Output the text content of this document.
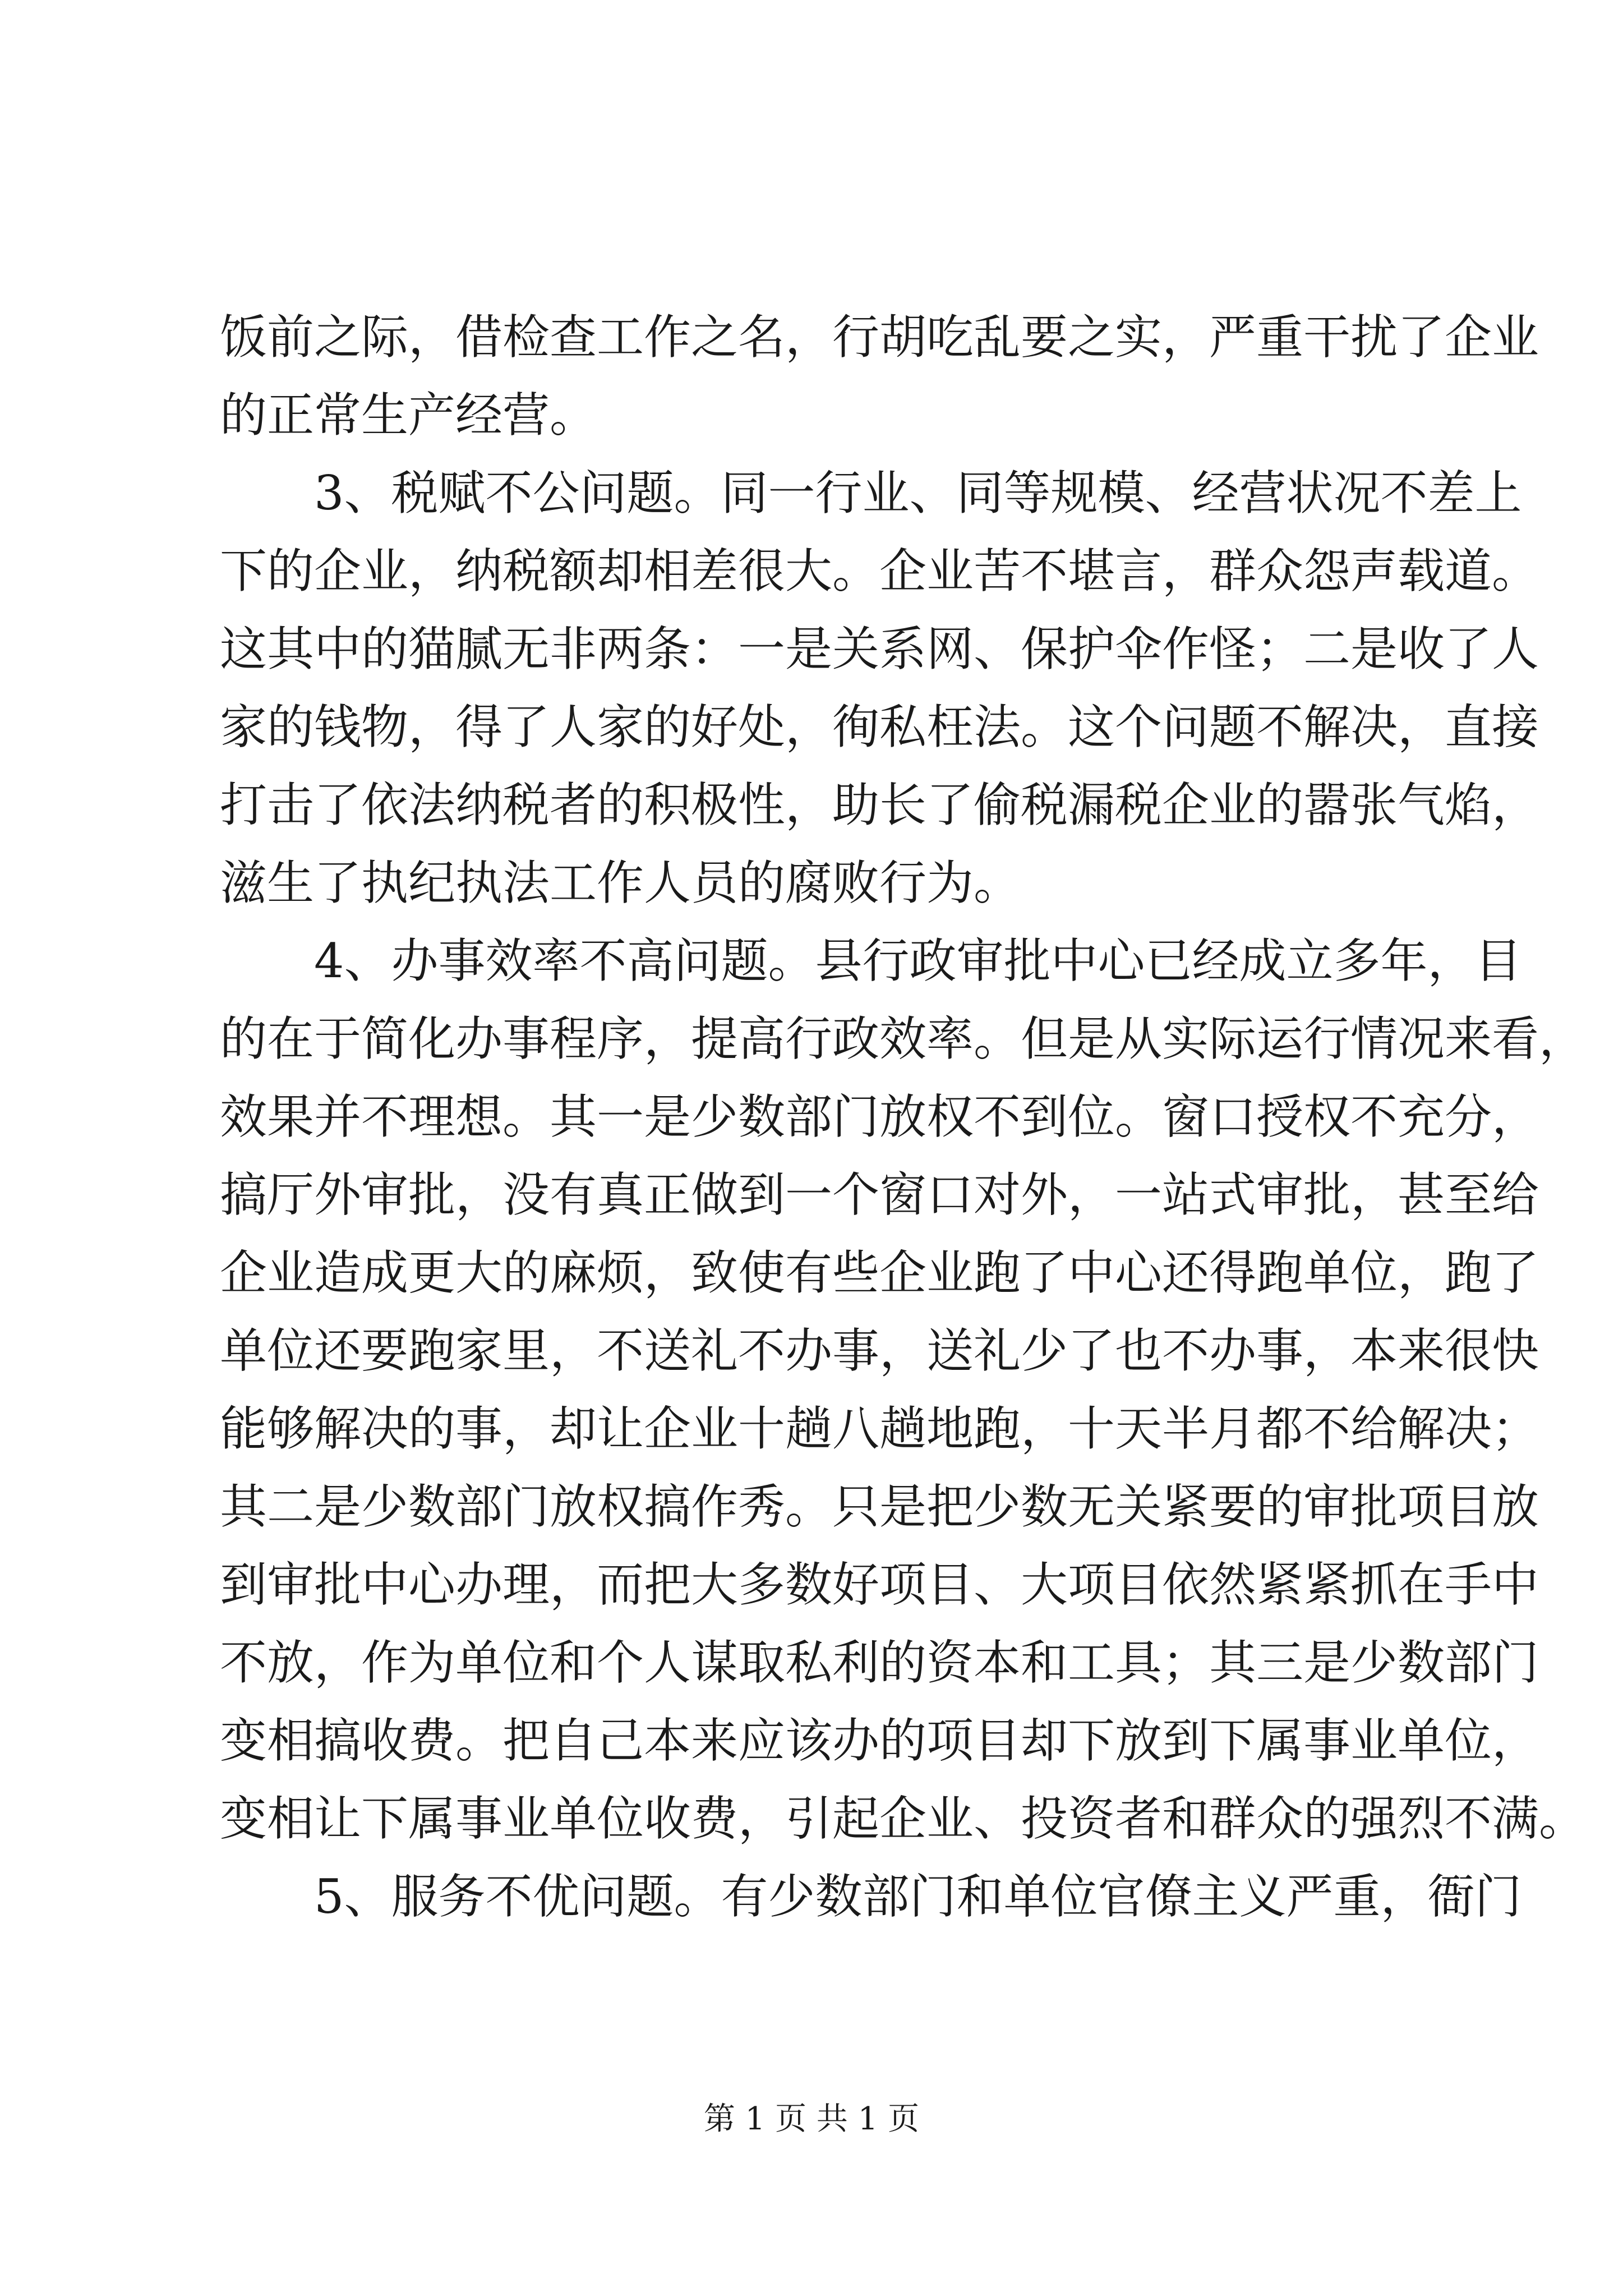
饭前之际，借检查工作之名，行胡吃乱要之实，严重干扰了企业
的正常生产经营。
3、税赋不公问题。同一行业、同等规模、经营状况不差上
下的企业，纳税额却相差很大。企业苦不堪言，群众怨声载道。
这其中的猫腻无非两条：一是关系网、保护伞作怪；二是收了人
家的钱物，得了人家的好处，徇私枉法。这个问题不解决，直接
打击了依法纳税者的积极性，助长了偷税漏税企业的嚣张气焰，
滋生了执纪执法工作人员的腐败行为。
4、办事效率不高问题。县行政审批中心已经成立多年，目
的在于简化办事程序，提高行政效率。但是从实际运行情况来看，
效果并不理想。其一是少数部门放权不到位。窗口授权不充分，
搞厅外审批，没有真正做到一个窗口对外，一站式审批，甚至给
企业造成更大的麻烦，致使有些企业跑了中心还得跑单位，跑了
单位还要跑家里，不送礼不办事，送礼少了也不办事，本来很快
能够解决的事，却让企业十趟八趟地跑，十天半月都不给解决；
其二是少数部门放权搞作秀。只是把少数无关紧要的审批项目放
到审批中心办理，而把大多数好项目、大项目依然紧紧抓在手中
不放，作为单位和个人谋取私利的资本和工具；其三是少数部门
变相搞收费。把自己本来应该办的项目却下放到下属事业单位，
变相让下属事业单位收费，引起企业、投资者和群众的强烈不满。
5、服务不优问题。有少数部门和单位官僚主义严重，衙门
第 1 页 共 1 页
